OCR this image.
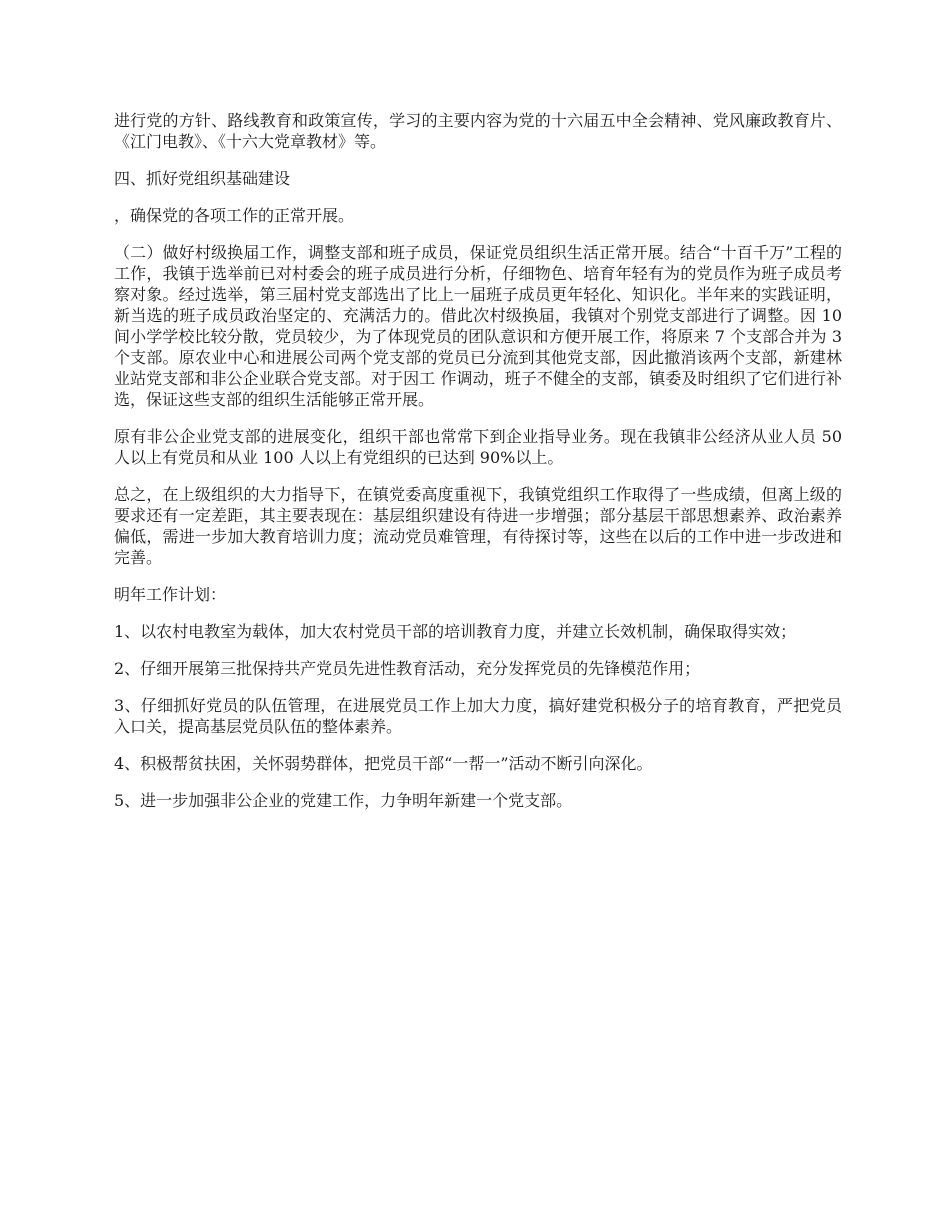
进行党的方针、路线教育和政策宣传，学习的主要内容为党的十六届五中全会精神、党风廉政教育片、《江门电教》、《十六大党章教材》等。

四、抓好党组织基础建设

，确保党的各项工作的正常开展。

（二）做好村级换届工作，调整支部和班子成员，保证党员组织生活正常开展。结合“十百千万”工程的工作，我镇于选举前已对村委会的班子成员进行分析，仔细物色、培育年轻有为的党员作为班子成员考察对象。经过选举，第三届村党支部选出了比上一届班子成员更年轻化、知识化。半年来的实践证明，新当选的班子成员政治坚定的、充满活力的。借此次村级换届，我镇对个别党支部进行了调整。因 10 间小学学校比较分散，党员较少，为了体现党员的团队意识和方便开展工作，将原来 7 个支部合并为 3 个支部。原农业中心和进展公司两个党支部的党员已分流到其他党支部，因此撤消该两个支部，新建林业站党支部和非公企业联合党支部。对于因工 作调动，班子不健全的支部，镇委及时组织了它们进行补选，保证这些支部的组织生活能够正常开展。

原有非公企业党支部的进展变化，组织干部也常常下到企业指导业务。现在我镇非公经济从业人员 50 人以上有党员和从业 100 人以上有党组织的已达到 90%以上。

总之，在上级组织的大力指导下，在镇党委高度重视下，我镇党组织工作取得了一些成绩，但离上级的要求还有一定差距，其主要表现在：基层组织建设有待进一步增强；部分基层干部思想素养、政治素养偏低，需进一步加大教育培训力度；流动党员难管理，有待探讨等，这些在以后的工作中进一步改进和完善。

明年工作计划：

1、以农村电教室为载体，加大农村党员干部的培训教育力度，并建立长效机制，确保取得实效；

2、仔细开展第三批保持共产党员先进性教育活动，充分发挥党员的先锋模范作用；

3、仔细抓好党员的队伍管理，在进展党员工作上加大力度，搞好建党积极分子的培育教育，严把党员入口关，提高基层党员队伍的整体素养。

4、积极帮贫扶困，关怀弱势群体，把党员干部“一帮一”活动不断引向深化。

5、进一步加强非公企业的党建工作，力争明年新建一个党支部。
